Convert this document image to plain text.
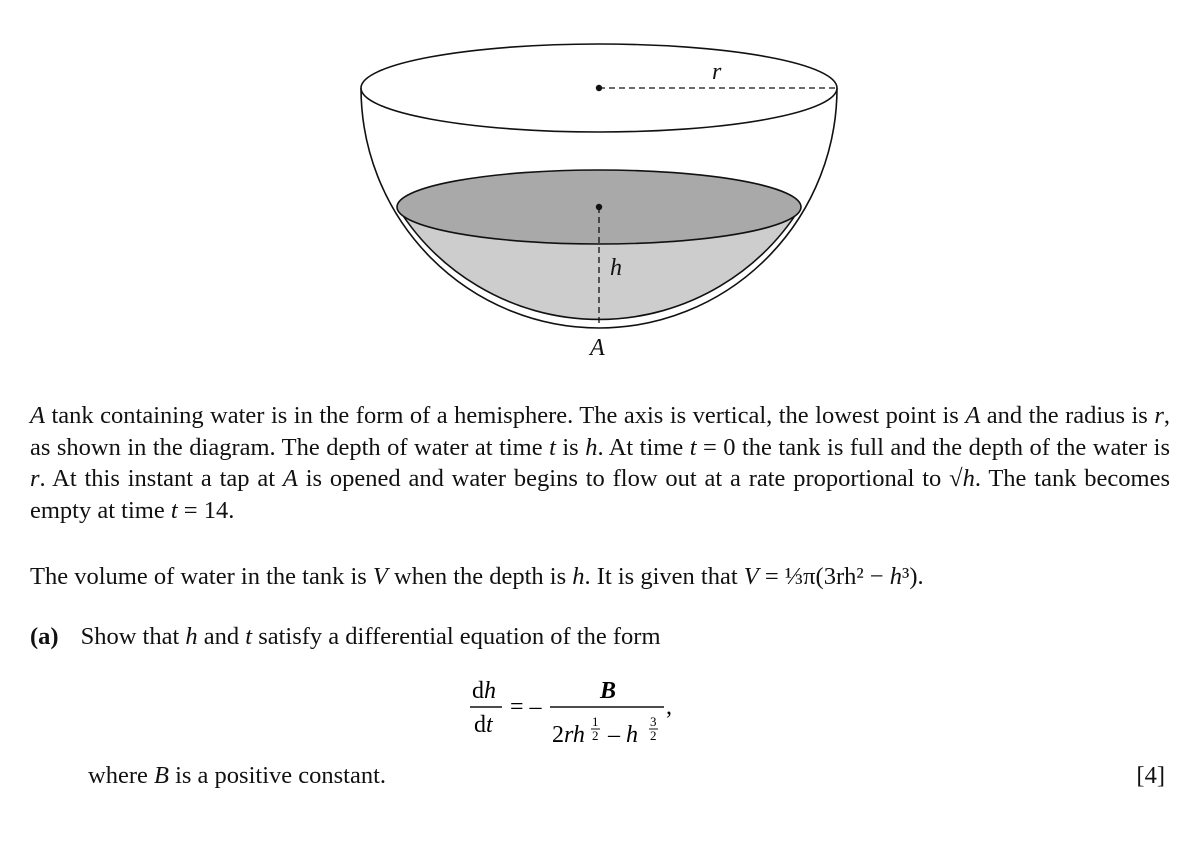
r
h
A

A tank containing water is in the form of a hemisphere. The axis is vertical, the lowest point is A and the radius is r, as shown in the diagram. The depth of water at time t is h. At time t = 0 the tank is full and the depth of the water is r. At this instant a tap at A is opened and water begins to flow out at a rate proportional to √h. The tank becomes empty at time t = 14.

The volume of water in the tank is V when the depth is h. It is given that V = ⅓π(3rh² − h³).

(a) Show that h and t satisfy a differential equation of the form
dh
dt
= –
B
2rh
1
2 – h
3
2
,
where B is a positive constant.	[4]
